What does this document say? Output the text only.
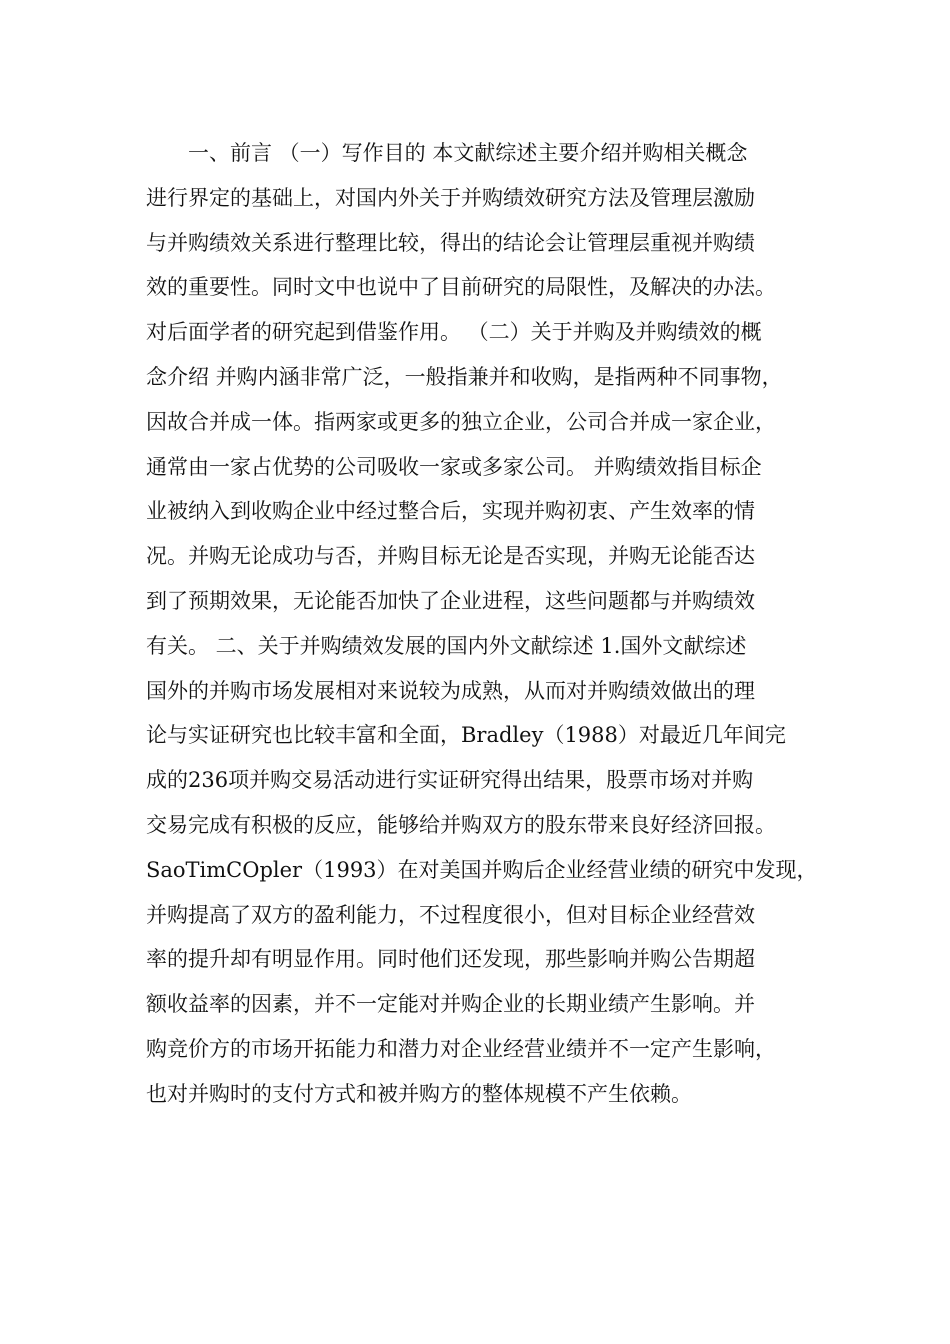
　　一、前言 （一）写作目的 本文献综述主要介绍并购相关概念
进行界定的基础上，对国内外关于并购绩效研究方法及管理层激励
与并购绩效关系进行整理比较，得出的结论会让管理层重视并购绩
效的重要性。同时文中也说中了目前研究的局限性，及解决的办法。
对后面学者的研究起到借鉴作用。 （二）关于并购及并购绩效的概
念介绍 并购内涵非常广泛，一般指兼并和收购，是指两种不同事物，
因故合并成一体。指两家或更多的独立企业，公司合并成一家企业，
通常由一家占优势的公司吸收一家或多家公司。 并购绩效指目标企
业被纳入到收购企业中经过整合后，实现并购初衷、产生效率的情
况。并购无论成功与否，并购目标无论是否实现，并购无论能否达
到了预期效果，无论能否加快了企业进程，这些问题都与并购绩效
有关。 二、关于并购绩效发展的国内外文献综述 1.国外文献综述
国外的并购市场发展相对来说较为成熟，从而对并购绩效做出的理
论与实证研究也比较丰富和全面，Bradley（1988）对最近几年间完
成的236项并购交易活动进行实证研究得出结果，股票市场对并购
交易完成有积极的反应，能够给并购双方的股东带来良好经济回报。
SaoTimCOpler（1993）在对美国并购后企业经营业绩的研究中发现，
并购提高了双方的盈利能力，不过程度很小，但对目标企业经营效
率的提升却有明显作用。同时他们还发现，那些影响并购公告期超
额收益率的因素，并不一定能对并购企业的长期业绩产生影响。并
购竞价方的市场开拓能力和潜力对企业经营业绩并不一定产生影响，
也对并购时的支付方式和被并购方的整体规模不产生依赖。
